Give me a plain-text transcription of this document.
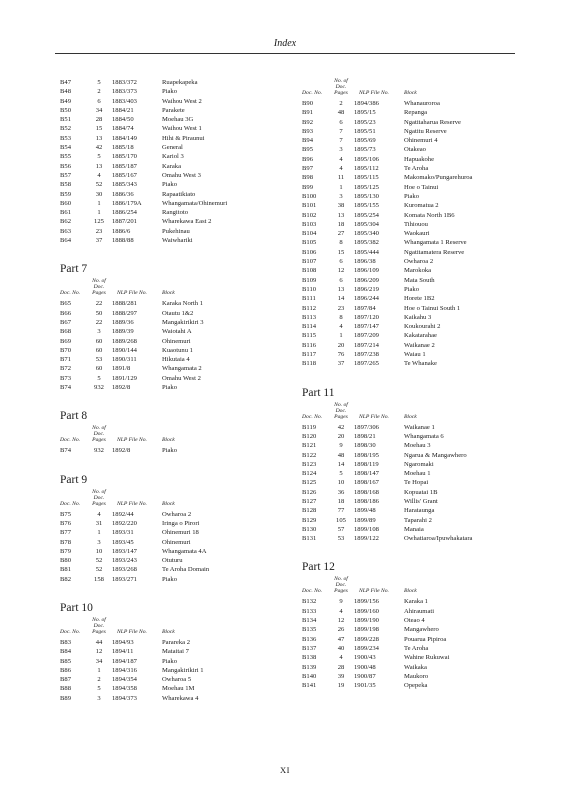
Index
B47	5	1883/372	Ruapekapeka
B48	2	1883/373	Piako
B49	6	1883/403	Waihou West 2
B50	34	1884/21	Parakete
B51	28	1884/50	Moehau 3G
B52	15	1884/74	Waihou West 1
B53	13	1884/149	Hihi & Piraunui
B54	42	1885/18	General
B55	5	1885/170	Kariol 3
B56	13	1885/187	Karaka
B57	4	1885/167	Omahu West 3
B58	52	1885/343	Piako
B59	30	1886/36	Rapaatikiato
B60	1	1886/179A	Whangamata/Ohinemuri
B61	1	1886/254	Rangitoto
B62	125	1887/201	Wharekawa East 2
B63	23	1886/6	Pukehinau
B64	37	1888/88	Waiwhariki
Part 7
Doc. No.	No. of Doc. Pages	NLP File No.	Block
B65	22	1888/281	Karaka North 1
B66	50	1888/297	Otautu 1&2
B67	22	1889/36	Mangakirikiri 3
B68	3	1889/39	Waiotahi A
B69	60	1889/268	Ohinemuri
B70	60	1890/144	Kuaotunu 1
B71	53	1890/311	Hikutaia 4
B72	60	1891/8	Whangamata 2
B73	5	1891/129	Omahu West 2
B74	932	1892/8	Piako
Part 8
Doc. No.	No. of Doc. Pages	NLP File No.	Block
B74	932	1892/8	Piako
Part 9
Doc. No.	No. of Doc. Pages	NLP File No.	Block
B75	4	1892/44	Owharoa 2
B76	31	1892/220	Iringa o Pirori
B77	1	1893/31	Ohinemuri 18
B78	3	1893/45	Ohinemuri
B79	10	1893/147	Whangamata 4A
B80	52	1893/243	Otuturu
B81	52	1893/268	Te Aroha Domain
B82	158	1893/271	Piako
Part 10
Doc. No.	No. of Doc. Pages	NLP File No.	Block
B83	44	1894/93	Parareka 2
B84	12	1894/11	Mataitai 7
B85	34	1894/187	Piako
B86	1	1894/316	Mangakirikiri 1
B87	2	1894/354	Owharoa 5
B88	5	1894/358	Moehau 1M
B89	3	1894/373	Wharekawa 4
Doc. No.	No. of Doc. Pages	NLP File No.	Block
B90	2	1894/386	Whanauroroa
B91	48	1895/15	Repanga
B92	6	1895/23	Ngatitaharua Reserve
B93	7	1895/51	Ngatitu Reserve
B94	7	1895/69	Ohinemuri 4
B95	3	1895/73	Otakeao
B96	4	1895/106	Hapuakohe
B97	4	1895/112	Te Aroha
B98	11	1895/115	Makomako/Pungarehuroa
B99	1	1895/125	Hoe o Tainui
B100	3	1895/130	Piako
B101	38	1895/155	Kuromatua 2
B102	13	1895/254	Komata North 1B6
B103	18	1895/304	Tihiouou
B104	27	1895/340	Waokauri
B105	8	1895/382	Whangamata 1 Reserve
B106	15	1895/444	Ngatitamatera Reserve
B107	6	1896/38	Owharoa 2
B108	12	1896/109	Marokoka
B109	6	1896/209	Mata South
B110	13	1896/219	Piako
B111	14	1896/244	Horete 1B2
B112	23	1897/84	Hoe o Tainui South 1
B113	8	1897/120	Kaikahu 3
B114	4	1897/147	Koukourahi 2
B115	1	1897/209	Kakatarahae
B116	20	1897/214	Waikanae 2
B117	76	1897/238	Waiau 1
B118	37	1897/265	Te Whanake
Part 11
Doc. No.	No. of Doc. Pages	NLP File No.	Block
B119	42	1897/306	Waikanae 1
B120	20	1898/21	Whangamata 6
B121	9	1898/30	Moehau 3
B122	48	1898/195	Ngarua & Mangawhero
B123	14	1898/119	Ngaromaki
B124	5	1898/147	Moehau 1
B125	10	1898/167	Te Hopai
B126	36	1898/168	Kopuatai 1B
B127	18	1898/186	Willis' Grant
B128	77	1899/48	Harataunga
B129	105	1899/89	Taparahi 2
B130	57	1899/108	Manaia
B131	53	1899/122	Owhatiaroa/Ipuwhakatara
Part 12
Doc. No.	No. of Doc. Pages	NLP File No.	Block
B132	9	1899/156	Karaka 1
B133	4	1899/160	Ahiraumati
B134	12	1899/190	Oteao 4
B135	26	1899/198	Mangawhero
B136	47	1899/228	Pouarua Pipiroa
B137	40	1899/234	Te Aroha
B138	4	1900/43	Wahine Rukuwai
B139	28	1900/48	Waikaka
B140	39	1900/87	Maukoro
B141	19	1901/35	Opepeka
XI
